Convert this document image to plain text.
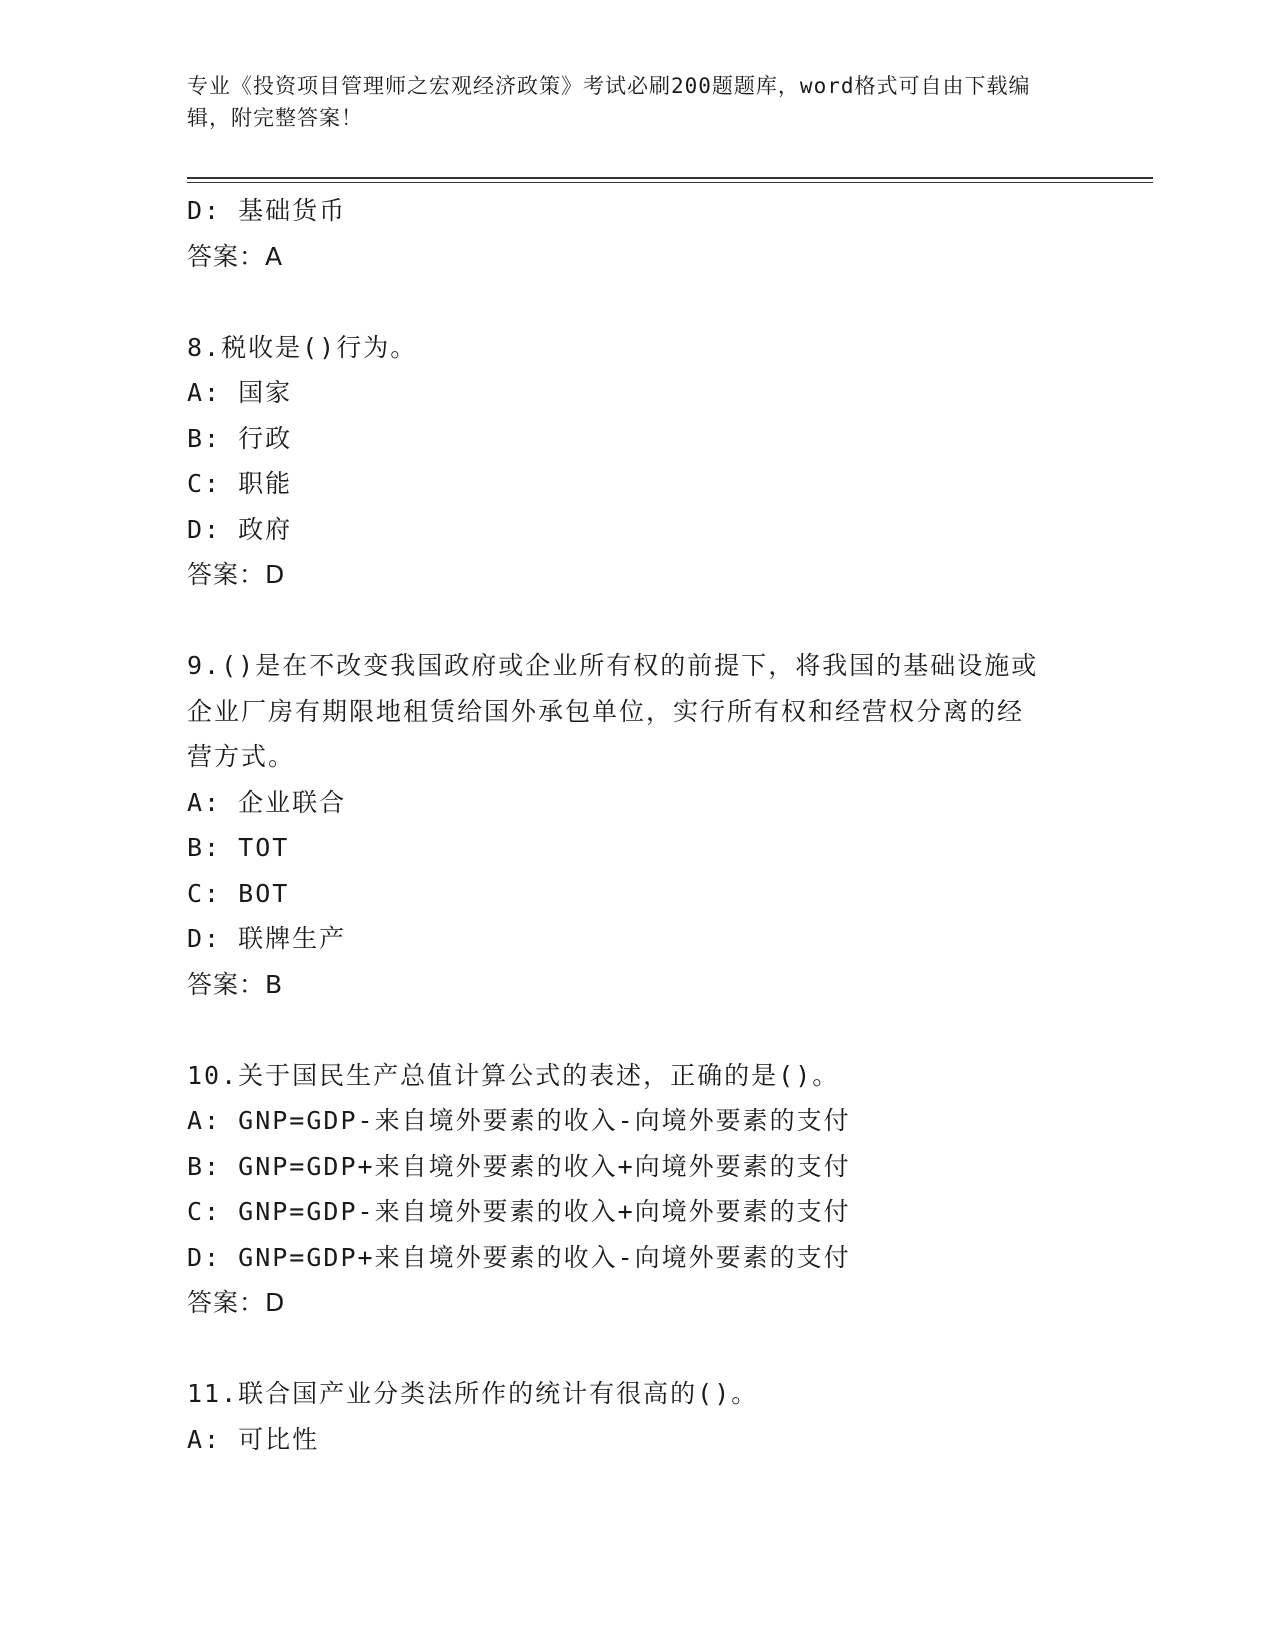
专业《投资项目管理师之宏观经济政策》考试必刷200题题库，word格式可自由下载编辑，附完整答案！
D: 基础货币
答案：A
8.税收是()行为。
A: 国家
B: 行政
C: 职能
D: 政府
答案：D
9.()是在不改变我国政府或企业所有权的前提下，将我国的基础设施或企业厂房有期限地租赁给国外承包单位，实行所有权和经营权分离的经营方式。
A: 企业联合
B: TOT
C: BOT
D: 联牌生产
答案：B
10.关于国民生产总值计算公式的表述，正确的是()。
A: GNP=GDP-来自境外要素的收入-向境外要素的支付
B: GNP=GDP+来自境外要素的收入+向境外要素的支付
C: GNP=GDP-来自境外要素的收入+向境外要素的支付
D: GNP=GDP+来自境外要素的收入-向境外要素的支付
答案：D
11.联合国产业分类法所作的统计有很高的()。
A: 可比性
